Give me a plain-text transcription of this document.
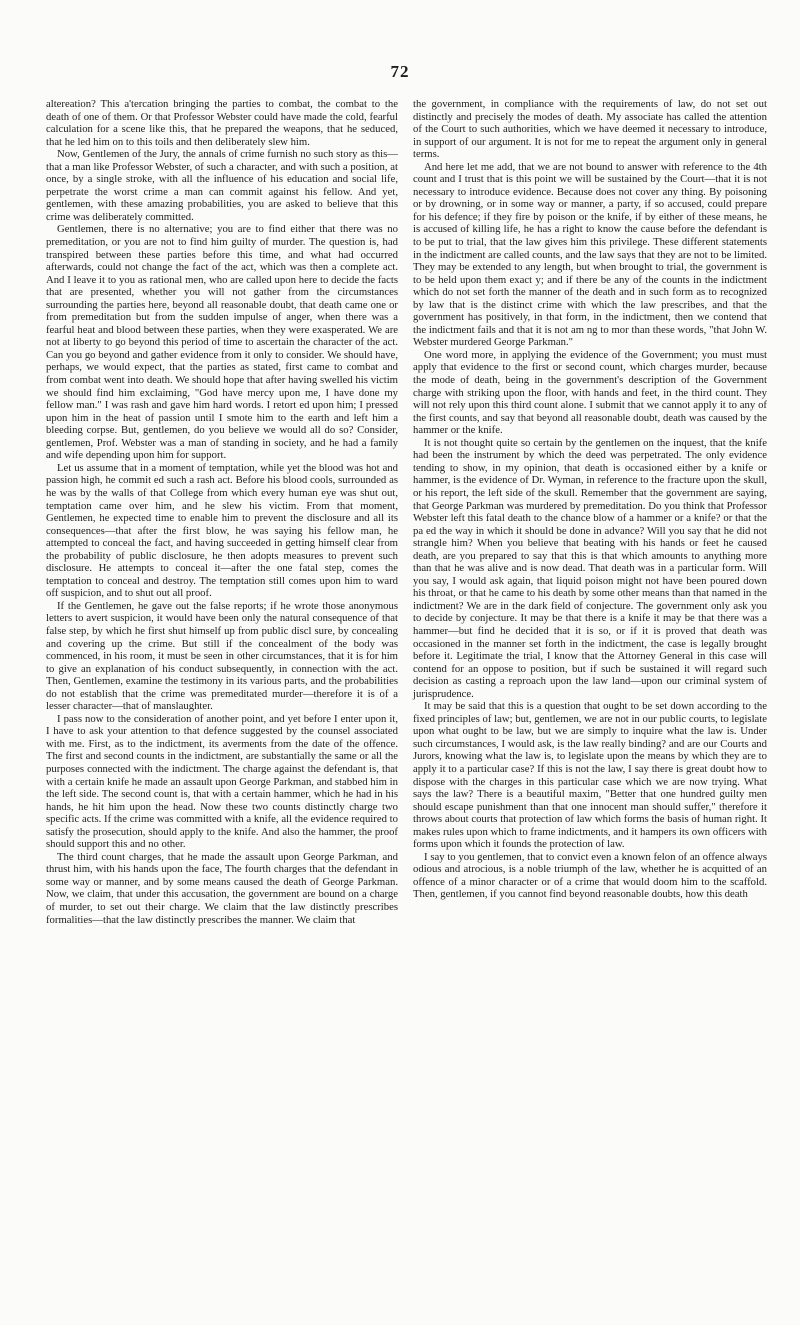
72

altereation? This a'tercation bringing the parties to combat, the combat to the death of one of them. Or that Professor Webster could have made the cold, fearful calculation for a scene like this, that he prepared the weapons, that he seduced, that he led him on to this toils and then deliberately slew him.

Now, Gentlemen of the Jury, the annals of crime furnish no such story as this—that a man like Professor Webster, of such a character, and with such a position, at once, by a single stroke, with all the influence of his education and social life, perpetrate the worst crime a man can commit against his fellow. And yet, gentlemen, with these amazing probabilities, you are asked to believe that this crime was deliberately committed.

Gentlemen, there is no alternative; you are to find either that there was no premeditation, or you are not to find him guilty of murder. The question is, had transpired between these parties before this time, and what had occurred afterwards, could not change the fact of the act, which was then a complete act. And I leave it to you as rational men, who are called upon here to decide the facts that are presented, whether you will not gather from the circumstances surrounding the parties here, beyond all reasonable doubt, that death came one or from premeditation but from the sudden impulse of anger, when there was a fearful heat and blood between these parties, when they were exasperated. We are not at liberty to go beyond this period of time to ascertain the character of the act. Can you go beyond and gather evidence from it only to consider. We should have, perhaps, we would expect, that the parties as stated, first came to combat and from combat went into death. We should hope that after having swelled his victim we should find him exclaiming, "God have mercy upon me, I have done my fellow man." I was rash and gave him hard words. I retort ed upon him; I pressed upon him in the heat of passion until I smote him to the earth and left him a bleeding corpse. But, gentlemen, do you believe we would all do so? Consider, gentlemen, Prof. Webster was a man of standing in society, and he had a family and wife depending upon him for support.

Let us assume that in a moment of temptation, while yet the blood was hot and passion high, he commit ed such a rash act. Before his blood cools, surrounded as he was by the walls of that College from which every human eye was shut out, temptation came over him, and he slew his victim. From that moment, Gentlemen, he expected time to enable him to prevent the disclosure and all its consequences—that after the first blow, he was saying his fellow man, he attempted to conceal the fact, and having succeeded in getting himself clear from the probability of public disclosure, he then adopts measures to prevent such disclosure. He attempts to conceal it—after the one fatal step, comes the temptation to conceal and destroy. The temptation still comes upon him to ward off suspicion, and to shut out all proof.

If the Gentlemen, he gave out the false reports; if he wrote those anonymous letters to avert suspicion, it would have been only the natural consequence of that false step, by which he first shut himself up from public discl sure, by concealing and covering up the crime. But still if the concealment of the body was commenced, in his room, it must be seen in other circumstances, that it is for him to give an explanation of his conduct subsequently, in connection with the act. Then, Gentlemen, examine the testimony in its various parts, and the probabilities do not establish that the crime was premeditated murder—therefore it is of a lesser character—that of manslaughter.

I pass now to the consideration of another point, and yet before I enter upon it, I have to ask your attention to that defence suggested by the counsel associated with me. First, as to the indictment, its averments from the date of the offence. The first and second counts in the indictment, are substantially the same or all the purposes connected with the indictment. The charge against the defendant is, that with a certain knife he made an assault upon George Parkman, and stabbed him in the left side. The second count is, that with a certain hammer, which he had in his hands, he hit him upon the head. Now these two counts distinctly charge two specific acts. If the crime was committed with a knife, all the evidence required to satisfy the prosecution, should apply to the knife. And also the hammer, the proof should support this and no other.

The third count charges, that he made the assault upon George Parkman, and thrust him, with his hands upon the face, The fourth charges that the defendant in some way or manner, and by some means caused the death of George Parkman. Now, we claim, that under this accusation, the government are bound on a charge of murder, to set out their charge. We claim that the law distinctly prescribes formalities—that the law distinctly prescribes the manner. We claim that

the government, in compliance with the requirements of law, do not set out distinctly and precisely the modes of death. My associate has called the attention of the Court to such authorities, which we have deemed it necessary to introduce, in support of our argument. It is not for me to repeat the argument only in general terms.

And here let me add, that we are not bound to answer with reference to the 4th count and I trust that is this point we will be sustained by the Court—that it is not necessary to introduce evidence. Because does not cover any thing. By poisoning or by drowning, or in some way or manner, a party, if so accused, could prepare for his defence; if they fire by poison or the knife, if by either of these means, he is accused of killing life, he has a right to know the cause before the defendant is to be put to trial, that the law gives him this privilege. These different statements in the indictment are called counts, and the law says that they are not to be limited. They may be extended to any length, but when brought to trial, the government is to be held upon them exact y; and if there be any of the counts in the indictment which do not set forth the manner of the death and in such form as to recognized by law that is the distinct crime with which the law prescribes, and that the government has positively, in that form, in the indictment, then we contend that the indictment fails and that it is not am ng to mor than these words, "that John W. Webster murdered George Parkman."

One word more, in applying the evidence of the Government; you must must apply that evidence to the first or second count, which charges murder, because the mode of death, being in the government's description of the Government charge with striking upon the floor, with hands and feet, in the third count. They will not rely upon this third count alone. I submit that we cannot apply it to any of the first counts, and say that beyond all reasonable doubt, death was caused by the hammer or the knife.

It is not thought quite so certain by the gentlemen on the inquest, that the knife had been the instrument by which the deed was perpetrated. The only evidence tending to show, in my opinion, that death is occasioned either by a knife or hammer, is the evidence of Dr. Wyman, in reference to the fracture upon the skull, or his report, the left side of the skull. Remember that the government are saying, that George Parkman was murdered by premeditation. Do you think that Professor Webster left this fatal death to the chance blow of a hammer or a knife? or that the pa ed the way in which it should be done in advance? Will you say that he did not strangle him? When you believe that beating with his hands or feet he caused death, are you prepared to say that this is that which amounts to anything more than that he was alive and is now dead. That death was in a particular form. Will you say, I would ask again, that liquid poison might not have been poured down his throat, or that he came to his death by some other means than that named in the indictment? We are in the dark field of conjecture. The government only ask you to decide by conjecture. It may be that there is a knife it may be that there was a hammer—but find he decided that it is so, or if it is proved that death was occasioned in the manner set forth in the indictment, the case is legally brought before it. Legitimate the trial, I know that the Attorney General in this case will contend for an oppose to position, but if such be sustained it will regard such decision as casting a reproach upon the law land—upon our criminal system of jurisprudence.

It may be said that this is a question that ought to be set down according to the fixed principles of law; but, gentlemen, we are not in our public courts, to legislate upon what ought to be law, but we are simply to inquire what the law is. Under such circumstances, I would ask, is the law really binding? and are our Courts and Jurors, knowing what the law is, to legislate upon the means by which they are to apply it to a particular case? If this is not the law, I say there is great doubt how to dispose with the charges in this particular case which we are now trying. What says the law? There is a beautiful maxim, "Better that one hundred guilty men should escape punishment than that one innocent man should suffer," therefore it throws about courts that protection of law which forms the basis of human right. It makes rules upon which to frame indictments, and it hampers its own officers with forms upon which it founds the protection of law.

I say to you gentlemen, that to convict even a known felon of an offence always odious and atrocious, is a noble triumph of the law, whether he is acquitted of an offence of a minor character or of a crime that would doom him to the scaffold. Then, gentlemen, if you cannot find beyond reasonable doubts, how this death
